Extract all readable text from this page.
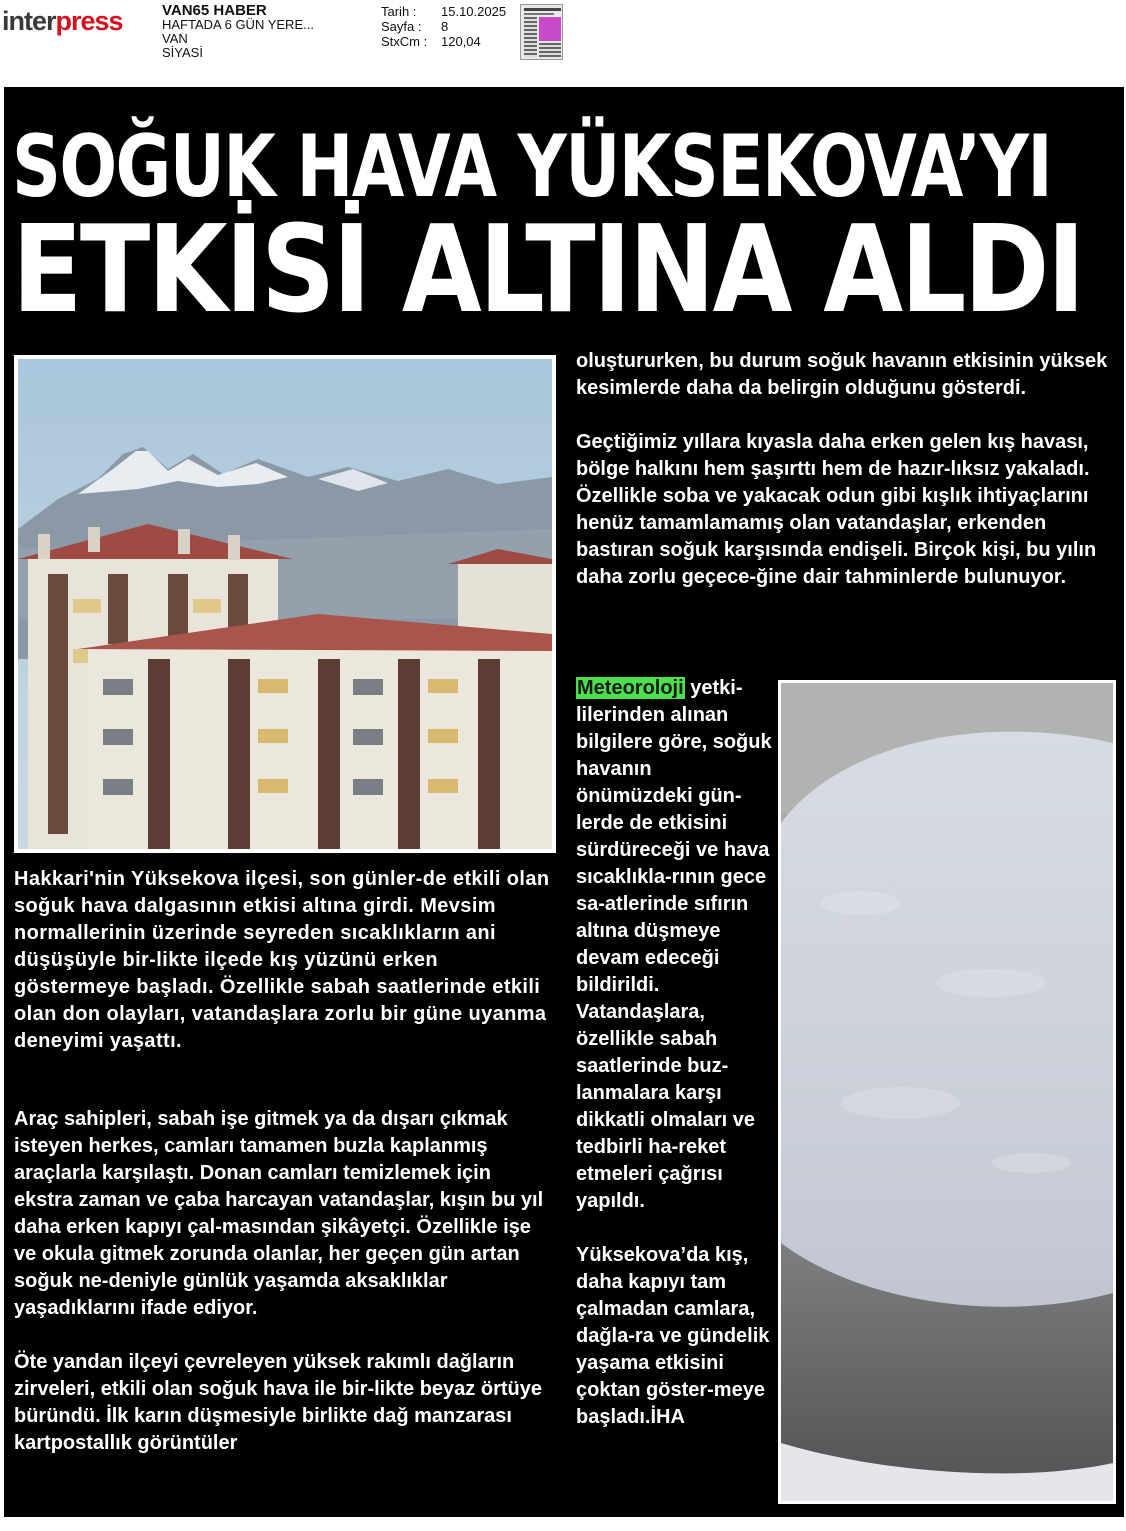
interpress	VAN65 HABER
HAFTADA 6 GÜN YERE...
VAN
SİYASİ
Tarih :	15.10.2025
Sayfa :	8
StxCm :	120,04
SOĞUK HAVA YÜKSEKOVA’YI
ETKİSİ ALTINA ALDI
Hakkari'nin Yüksekova ilçesi, son günler-de etkili olan soğuk hava dalgasının etkisi altına girdi. Mevsim normallerinin üzerinde seyreden sıcaklıkların ani düşüşüyle bir-likte ilçede kış yüzünü erken göstermeye başladı. Özellikle sabah saatlerinde etkili olan don olayları, vatandaşlara zorlu bir güne uyanma deneyimi yaşattı.

Araç sahipleri, sabah işe gitmek ya da dışarı çıkmak isteyen herkes, camları tamamen buzla kaplanmış araçlarla karşılaştı. Donan camları temizlemek için ekstra zaman ve çaba harcayan vatandaşlar, kışın bu yıl daha erken kapıyı çal-masından şikâyetçi. Özellikle işe ve okula gitmek zorunda olanlar, her geçen gün artan soğuk ne-deniyle günlük yaşamda aksaklıklar yaşadıklarını ifade ediyor.

Öte yandan ilçeyi çevreleyen yüksek rakımlı dağların zirveleri, etkili olan soğuk hava ile bir-likte beyaz örtüye büründü. İlk karın düşmesiyle birlikte dağ manzarası kartpostallık görüntüler

oluştururken, bu durum soğuk havanın etkisinin yüksek kesimlerde daha da belirgin olduğunu gösterdi.

Geçtiğimiz yıllara kıyasla daha erken gelen kış havası, bölge halkını hem şaşırttı hem de hazır-lıksız yakaladı. Özellikle soba ve yakacak odun gibi kışlık ihtiyaçlarını henüz tamamlamamış olan vatandaşlar, erkenden bastıran soğuk karşısında endişeli. Birçok kişi, bu yılın daha zorlu geçece-ğine dair tahminlerde bulunuyor.

Meteoroloji yetki-lilerinden alınan bilgilere göre, soğuk havanın önümüzdeki gün-lerde de etkisini sürdüreceği ve hava sıcaklıkla-rının gece sa-atlerinde sıfırın altına düşmeye devam edeceği bildirildi. Vatandaşlara, özellikle sabah saatlerinde buz-lanmalara karşı dikkatli olmaları ve tedbirli ha-reket etmeleri çağrısı yapıldı.

Yüksekova’da kış, daha kapıyı tam çalmadan camlara, dağla-ra ve gündelik yaşama etkisini çoktan göster-meye başladı.İHA
